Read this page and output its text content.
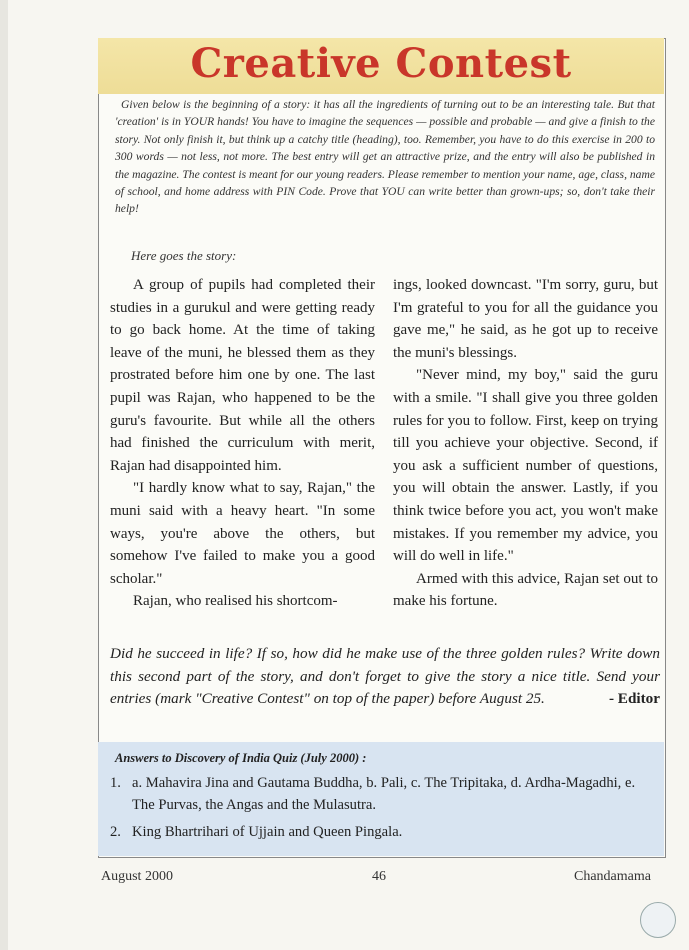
Creative Contest

Given below is the beginning of a story: it has all the ingredients of turning out to be an interesting tale. But that 'creation' is in YOUR hands! You have to imagine the sequences — possible and probable — and give a finish to the story. Not only finish it, but think up a catchy title (heading), too. Remember, you have to do this exercise in 200 to 300 words — not less, not more. The best entry will get an attractive prize, and the entry will also be published in the magazine. The contest is meant for our young readers. Please remember to mention your name, age, class, name of school, and home address with PIN Code. Prove that YOU can write better than grown-ups; so, don't take their help!

Here goes the story:

A group of pupils had completed their studies in a gurukul and were getting ready to go back home. At the time of taking leave of the muni, he blessed them as they prostrated before him one by one. The last pupil was Rajan, who happened to be the guru's favourite. But while all the others had finished the curriculum with merit, Rajan had disappointed him.

"I hardly know what to say, Rajan," the muni said with a heavy heart. "In some ways, you're above the others, but somehow I've failed to make you a good scholar."

Rajan, who realised his shortcom-

ings, looked downcast. "I'm sorry, guru, but I'm grateful to you for all the guidance you gave me," he said, as he got up to receive the muni's blessings.

"Never mind, my boy," said the guru with a smile. "I shall give you three golden rules for you to follow. First, keep on trying till you achieve your objective. Second, if you ask a sufficient number of questions, you will obtain the answer. Lastly, if you think twice before you act, you won't make mistakes. If you remember my advice, you will do well in life."

Armed with this advice, Rajan set out to make his fortune.

Did he succeed in life? If so, how did he make use of the three golden rules? Write down this second part of the story, and don't forget to give the story a nice title. Send your entries (mark "Creative Contest" on top of the paper) before August 25.	- Editor
Answers to Discovery of India Quiz (July 2000) :
1. a. Mahavira Jina and Gautama Buddha, b. Pali, c. The Tripitaka, d. Ardha-Magadhi, e. The Purvas, the Angas and the Mulasutra.
2. King Bhartrihari of Ujjain and Queen Pingala.
August 2000	46	Chandamama
